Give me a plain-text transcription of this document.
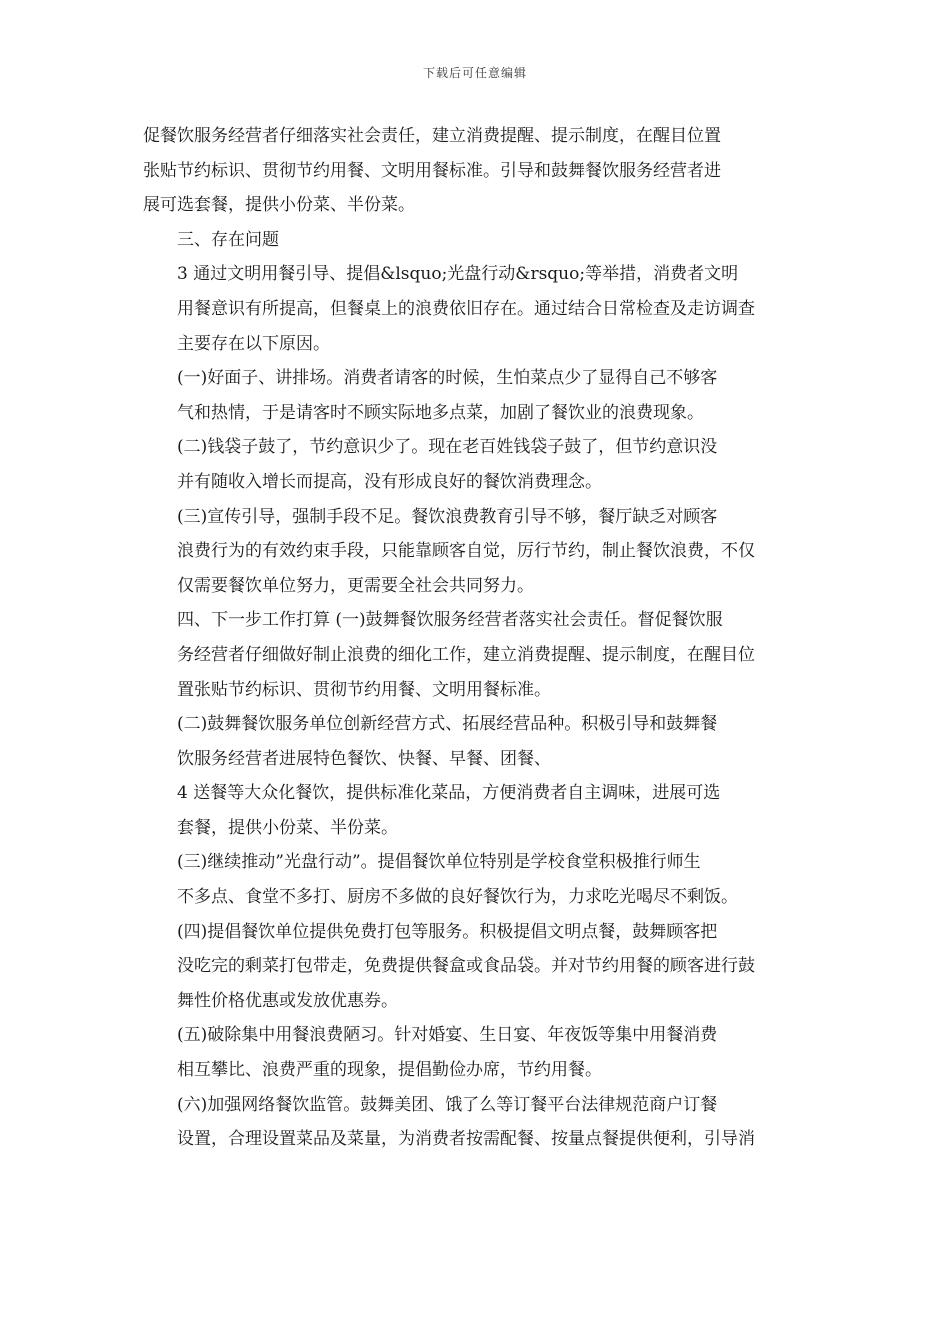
下载后可任意编辑
促餐饮服务经营者仔细落实社会责任，建立消费提醒、提示制度，在醒目位置
张贴节约标识、贯彻节约用餐、文明用餐标准。引导和鼓舞餐饮服务经营者进
展可选套餐，提供小份菜、半份菜。
三、存在问题
3 通过文明用餐引导、提倡&lsquo;光盘行动&rsquo;等举措，消费者文明
用餐意识有所提高，但餐桌上的浪费依旧存在。通过结合日常检查及走访调查
主要存在以下原因。
(一)好面子、讲排场。消费者请客的时候，生怕菜点少了显得自己不够客
气和热情，于是请客时不顾实际地多点菜，加剧了餐饮业的浪费现象。
(二)钱袋子鼓了，节约意识少了。现在老百姓钱袋子鼓了，但节约意识没
并有随收入增长而提高，没有形成良好的餐饮消费理念。
(三)宣传引导，强制手段不足。餐饮浪费教育引导不够，餐厅缺乏对顾客
浪费行为的有效约束手段，只能靠顾客自觉，厉行节约，制止餐饮浪费，不仅
仅需要餐饮单位努力，更需要全社会共同努力。
四、下一步工作打算 (一)鼓舞餐饮服务经营者落实社会责任。督促餐饮服
务经营者仔细做好制止浪费的细化工作，建立消费提醒、提示制度，在醒目位
置张贴节约标识、贯彻节约用餐、文明用餐标准。
(二)鼓舞餐饮服务单位创新经营方式、拓展经营品种。积极引导和鼓舞餐
饮服务经营者进展特色餐饮、快餐、早餐、团餐、
4 送餐等大众化餐饮，提供标准化菜品，方便消费者自主调味，进展可选
套餐，提供小份菜、半份菜。
(三)继续推动”光盘行动”。提倡餐饮单位特别是学校食堂积极推行师生
不多点、食堂不多打、厨房不多做的良好餐饮行为，力求吃光喝尽不剩饭。
(四)提倡餐饮单位提供免费打包等服务。积极提倡文明点餐，鼓舞顾客把
没吃完的剩菜打包带走，免费提供餐盒或食品袋。并对节约用餐的顾客进行鼓
舞性价格优惠或发放优惠券。
(五)破除集中用餐浪费陋习。针对婚宴、生日宴、年夜饭等集中用餐消费
相互攀比、浪费严重的现象，提倡勤俭办席，节约用餐。
(六)加强网络餐饮监管。鼓舞美团、饿了么等订餐平台法律规范商户订餐
设置，合理设置菜品及菜量，为消费者按需配餐、按量点餐提供便利，引导消
